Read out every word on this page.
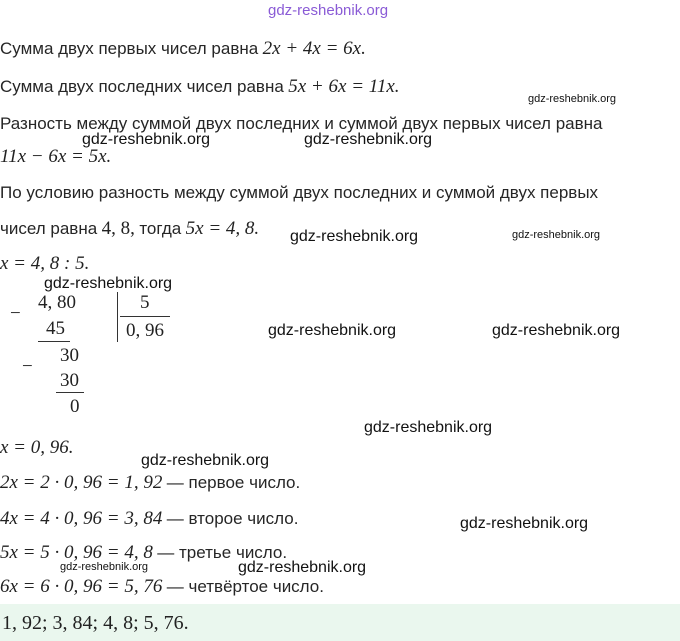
gdz-reshebnik.org
Сумма двух первых чисел равна 2x + 4x = 6x.
Сумма двух последних чисел равна 5x + 6x = 11x.
Разность между суммой двух последних и суммой двух первых чисел равна
11x − 6x = 5x.
По условию разность между суммой двух последних и суммой двух первых
чисел равна 4, 8, тогда 5x = 4, 8.
x = 4, 8 : 5.
−
4, 80	5
0, 96
45
−
30
30
0
x = 0, 96.
2x = 2 · 0, 96 = 1, 92 — первое число.
4x = 4 · 0, 96 = 3, 84 — второе число.
5x = 5 · 0, 96 = 4, 8 — третье число.
6x = 6 · 0, 96 = 5, 76 — четвёртое число.
1, 92; 3, 84; 4, 8; 5, 76.
gdz-reshebnik.org
gdz-reshebnik.org	gdz-reshebnik.org
gdz-reshebnik.org	gdz-reshebnik.org
gdz-reshebnik.org
gdz-reshebnik.org	gdz-reshebnik.org
gdz-reshebnik.org
gdz-reshebnik.org
gdz-reshebnik.org
gdz-reshebnik.org	gdz-reshebnik.org
